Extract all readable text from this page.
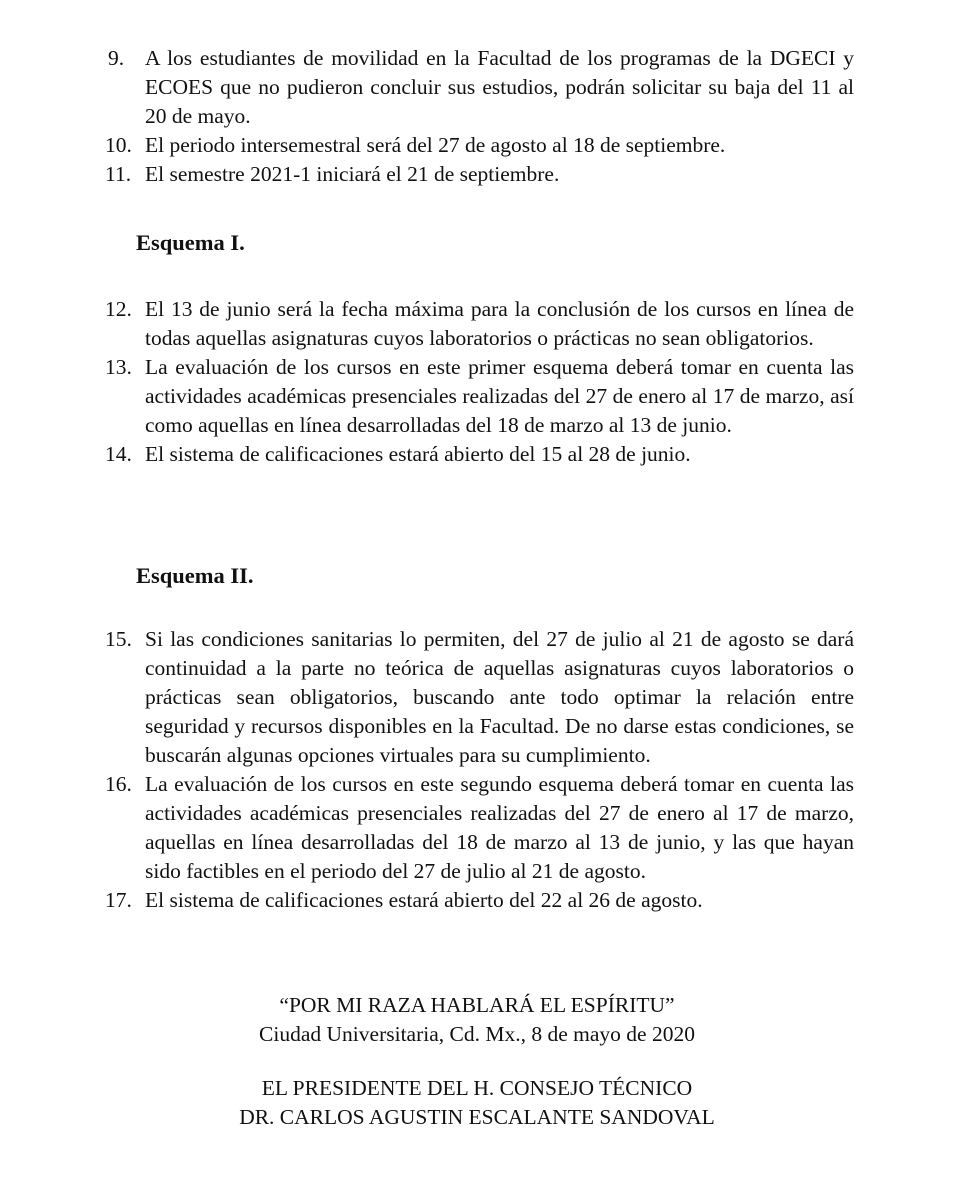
9. A los estudiantes de movilidad en la Facultad de los programas de la DGECI y ECOES que no pudieron concluir sus estudios, podrán solicitar su baja del 11 al 20 de mayo.
10. El periodo intersemestral será del 27 de agosto al 18 de septiembre.
11. El semestre 2021-1 iniciará el 21 de septiembre.
Esquema I.
12. El 13 de junio será la fecha máxima para la conclusión de los cursos en línea de todas aquellas asignaturas cuyos laboratorios o prácticas no sean obligatorios.
13. La evaluación de los cursos en este primer esquema deberá tomar en cuenta las actividades académicas presenciales realizadas del 27 de enero al 17 de marzo, así como aquellas en línea desarrolladas del 18 de marzo al 13 de junio.
14. El sistema de calificaciones estará abierto del 15 al 28 de junio.
Esquema II.
15. Si las condiciones sanitarias lo permiten, del 27 de julio al 21 de agosto se dará continuidad a la parte no teórica de aquellas asignaturas cuyos laboratorios o prácticas sean obligatorios, buscando ante todo optimar la relación entre seguridad y recursos disponibles en la Facultad. De no darse estas condiciones, se buscarán algunas opciones virtuales para su cumplimiento.
16. La evaluación de los cursos en este segundo esquema deberá tomar en cuenta las actividades académicas presenciales realizadas del 27 de enero al 17 de marzo, aquellas en línea desarrolladas del 18 de marzo al 13 de junio, y las que hayan sido factibles en el periodo del 27 de julio al 21 de agosto.
17. El sistema de calificaciones estará abierto del 22 al 26 de agosto.
“POR MI RAZA HABLARÁ EL ESPÍRITU”
Ciudad Universitaria, Cd. Mx., 8 de mayo de 2020
EL PRESIDENTE DEL H. CONSEJO TÉCNICO
DR. CARLOS AGUSTIN ESCALANTE SANDOVAL
